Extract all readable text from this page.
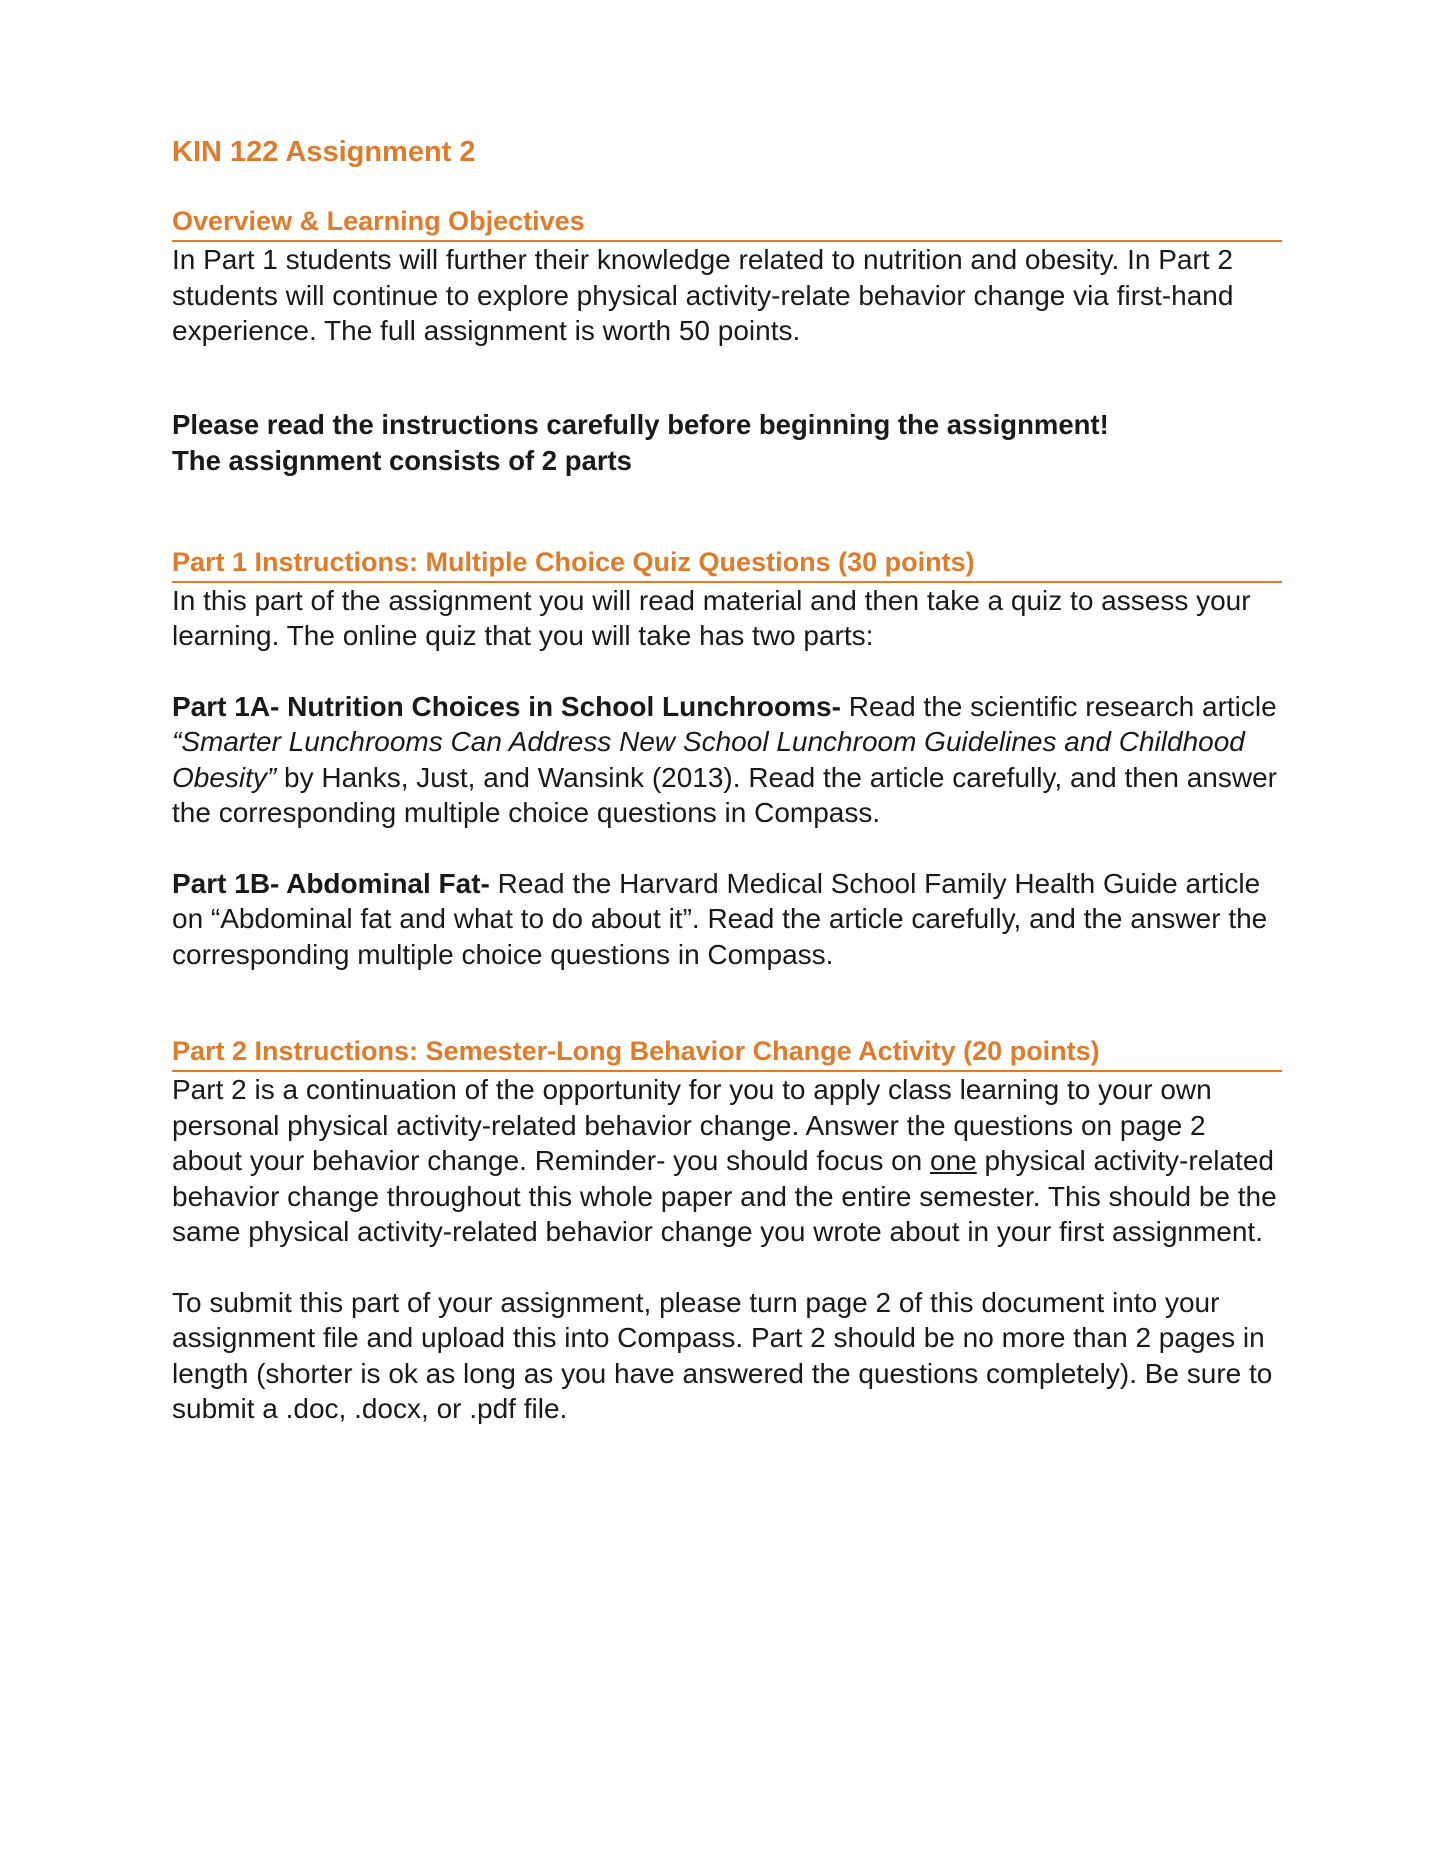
KIN 122 Assignment 2
Overview & Learning Objectives

In Part 1 students will further their knowledge related to nutrition and obesity. In Part 2 students will continue to explore physical activity-relate behavior change via first-hand experience. The full assignment is worth 50 points.

Please read the instructions carefully before beginning the assignment!

The assignment consists of 2 parts

Part 1 Instructions: Multiple Choice Quiz Questions (30 points)

In this part of the assignment you will read material and then take a quiz to assess your learning. The online quiz that you will take has two parts:

Part 1A- Nutrition Choices in School Lunchrooms- Read the scientific research article “Smarter Lunchrooms Can Address New School Lunchroom Guidelines and Childhood Obesity” by Hanks, Just, and Wansink (2013). Read the article carefully, and then answer the corresponding multiple choice questions in Compass.

Part 1B- Abdominal Fat- Read the Harvard Medical School Family Health Guide article on “Abdominal fat and what to do about it”. Read the article carefully, and the answer the corresponding multiple choice questions in Compass.

Part 2 Instructions: Semester-Long Behavior Change Activity (20 points)

Part 2 is a continuation of the opportunity for you to apply class learning to your own personal physical activity-related behavior change. Answer the questions on page 2 about your behavior change. Reminder- you should focus on one physical activity-related behavior change throughout this whole paper and the entire semester. This should be the same physical activity-related behavior change you wrote about in your first assignment.

To submit this part of your assignment, please turn page 2 of this document into your assignment file and upload this into Compass. Part 2 should be no more than 2 pages in length (shorter is ok as long as you have answered the questions completely). Be sure to submit a .doc, .docx, or .pdf file.
